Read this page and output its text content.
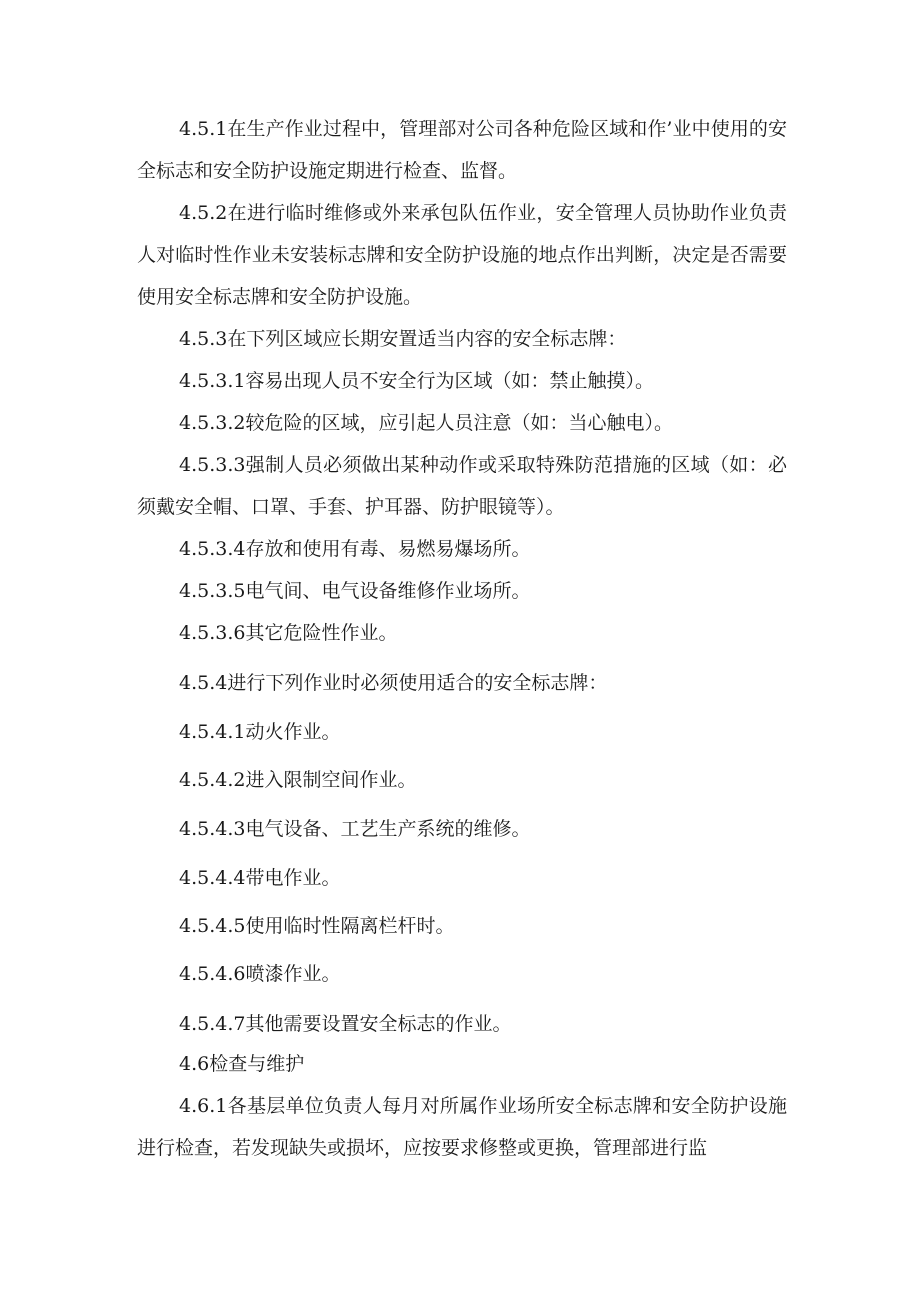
4.5.1在生产作业过程中，管理部对公司各种危险区域和作’业中使用的安全标志和安全防护设施定期进行检查、监督。

4.5.2在进行临时维修或外来承包队伍作业，安全管理人员协助作业负责人对临时性作业未安装标志牌和安全防护设施的地点作出判断，决定是否需要使用安全标志牌和安全防护设施。

4.5.3在下列区域应长期安置适当内容的安全标志牌：

4.5.3.1容易出现人员不安全行为区域（如：禁止触摸）。

4.5.3.2较危险的区域，应引起人员注意（如：当心触电）。

4.5.3.3强制人员必须做出某种动作或采取特殊防范措施的区域（如：必须戴安全帽、口罩、手套、护耳器、防护眼镜等）。

4.5.3.4存放和使用有毒、易燃易爆场所。

4.5.3.5电气间、电气设备维修作业场所。

4.5.3.6其它危险性作业。

4.5.4进行下列作业时必须使用适合的安全标志牌：

4.5.4.1动火作业。

4.5.4.2进入限制空间作业。

4.5.4.3电气设备、工艺生产系统的维修。

4.5.4.4带电作业。

4.5.4.5使用临时性隔离栏杆时。

4.5.4.6喷漆作业。

4.5.4.7其他需要设置安全标志的作业。

4.6检查与维护

4.6.1各基层单位负责人每月对所属作业场所安全标志牌和安全防护设施进行检查，若发现缺失或损坏，应按要求修整或更换，管理部进行监
